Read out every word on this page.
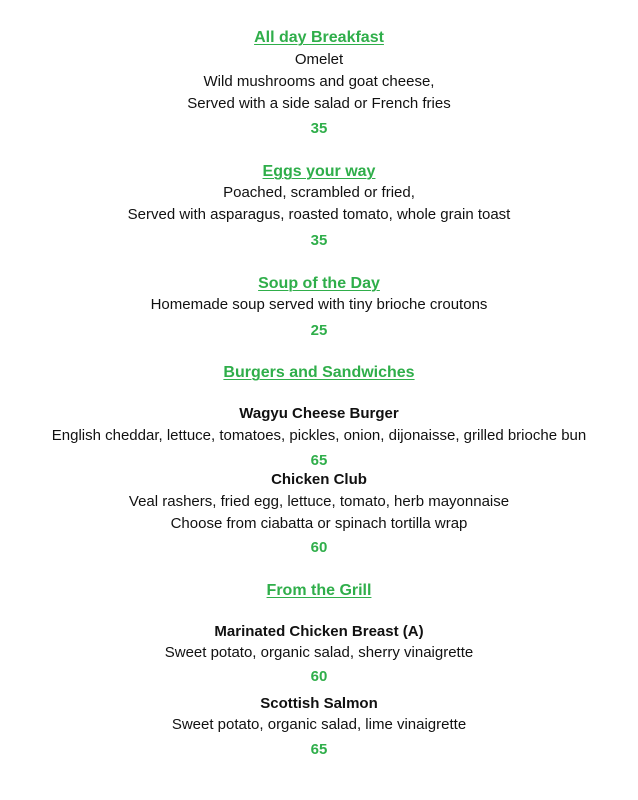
All day Breakfast
Omelet
Wild mushrooms and goat cheese,
Served with a side salad or French fries
35
Eggs your way
Poached, scrambled or fried,
Served with asparagus, roasted tomato, whole grain toast
35
Soup of the Day
Homemade soup served with tiny brioche croutons
25
Burgers and Sandwiches
Wagyu Cheese Burger
English cheddar, lettuce, tomatoes, pickles, onion, dijonaisse, grilled brioche bun
65
Chicken Club
Veal rashers, fried egg, lettuce, tomato, herb mayonnaise
Choose from ciabatta or spinach tortilla wrap
60
From the Grill
Marinated Chicken Breast (A)
Sweet potato, organic salad, sherry vinaigrette
60
Scottish Salmon
Sweet potato, organic salad, lime vinaigrette
65
